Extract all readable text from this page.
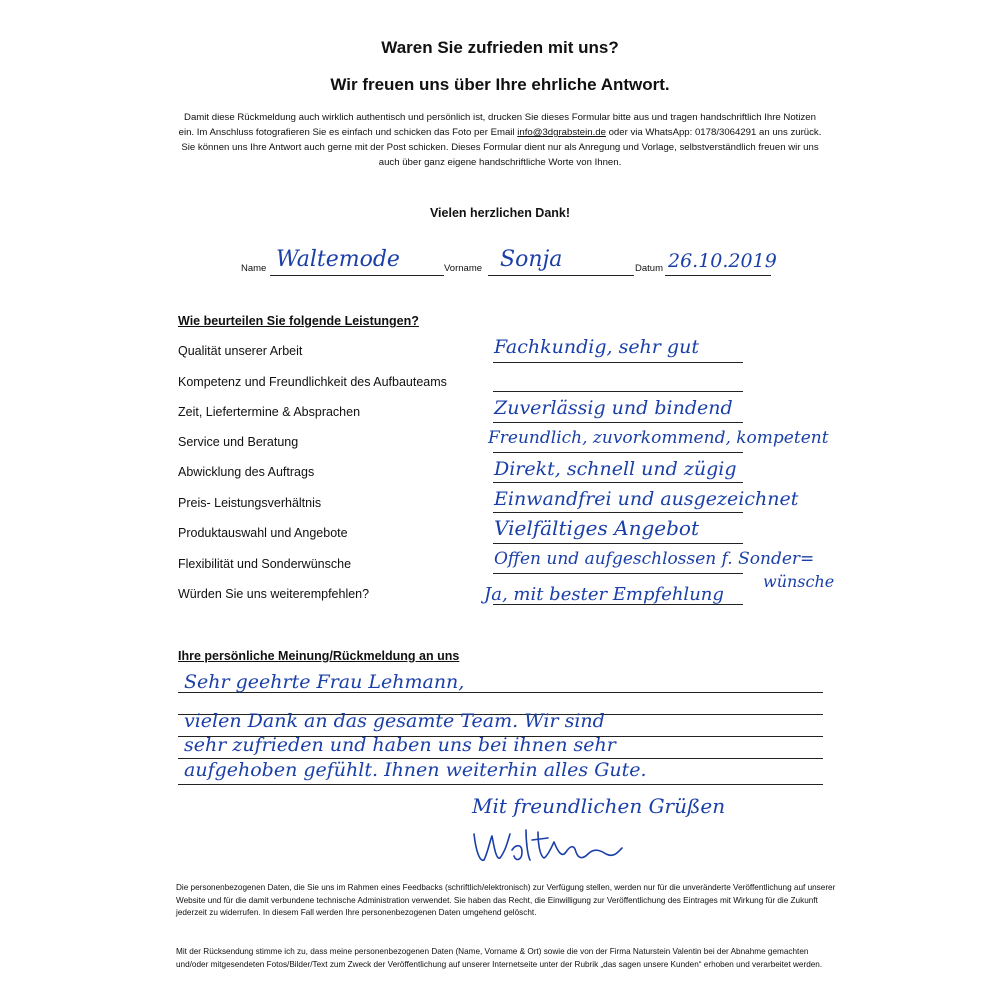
Waren Sie zufrieden mit uns?
Wir freuen uns über Ihre ehrliche Antwort.
Damit diese Rückmeldung auch wirklich authentisch und persönlich ist, drucken Sie dieses Formular bitte aus und tragen handschriftlich Ihre Notizen ein. Im Anschluss fotografieren Sie es einfach und schicken das Foto per Email info@3dgrabstein.de oder via WhatsApp: 0178/3064291 an uns zurück. Sie können uns Ihre Antwort auch gerne mit der Post schicken. Dieses Formular dient nur als Anregung und Vorlage, selbstverständlich freuen wir uns auch über ganz eigene handschriftliche Worte von Ihnen.
Vielen herzlichen Dank!
Name Waltemode	Vorname Sonja	Datum 26.10.2019
Wie beurteilen Sie folgende Leistungen?
Qualität unserer Arbeit	Fachkundig, sehr gut
Kompetenz und Freundlichkeit des Aufbauteams
Zeit, Liefertermine & Absprachen	Zuverlässig und bindend
Service und Beratung	Freundlich, zuvorkommend, kompetent
Abwicklung des Auftrags	Direkt, schnell und zügig
Preis- Leistungsverhältnis	Einwandfrei und ausgezeichnet
Produktauswahl und Angebote	Vielfältiges Angebot
Flexibilität und Sonderwünsche	Offen und aufgeschlossen f. Sonder=
wünsche
Würden Sie uns weiterempfehlen?	Ja, mit bester Empfehlung
Ihre persönliche Meinung/Rückmeldung an uns
Sehr geehrte Frau Lehmann,
vielen Dank an das gesamte Team. Wir sind
sehr zufrieden und haben uns bei ihnen sehr
aufgehoben gefühlt. Ihnen weiterhin alles Gute.
Mit freundlichen Grüßen
Die personenbezogenen Daten, die Sie uns im Rahmen eines Feedbacks (schriftlich/elektronisch) zur Verfügung stellen, werden nur für die unveränderte Veröffentlichung auf unserer Website und für die damit verbundene technische Administration verwendet. Sie haben das Recht, die Einwilligung zur Veröffentlichung des Eintrages mit Wirkung für die Zukunft jederzeit zu widerrufen. In diesem Fall werden Ihre personenbezogenen Daten umgehend gelöscht.
Mit der Rücksendung stimme ich zu, dass meine personenbezogenen Daten (Name, Vorname & Ort) sowie die von der Firma Naturstein Valentin bei der Abnahme gemachten und/oder mitgesendeten Fotos/Bilder/Text zum Zweck der Veröffentlichung auf unserer Internetseite unter der Rubrik „das sagen unsere Kunden“ erhoben und verarbeitet werden.
